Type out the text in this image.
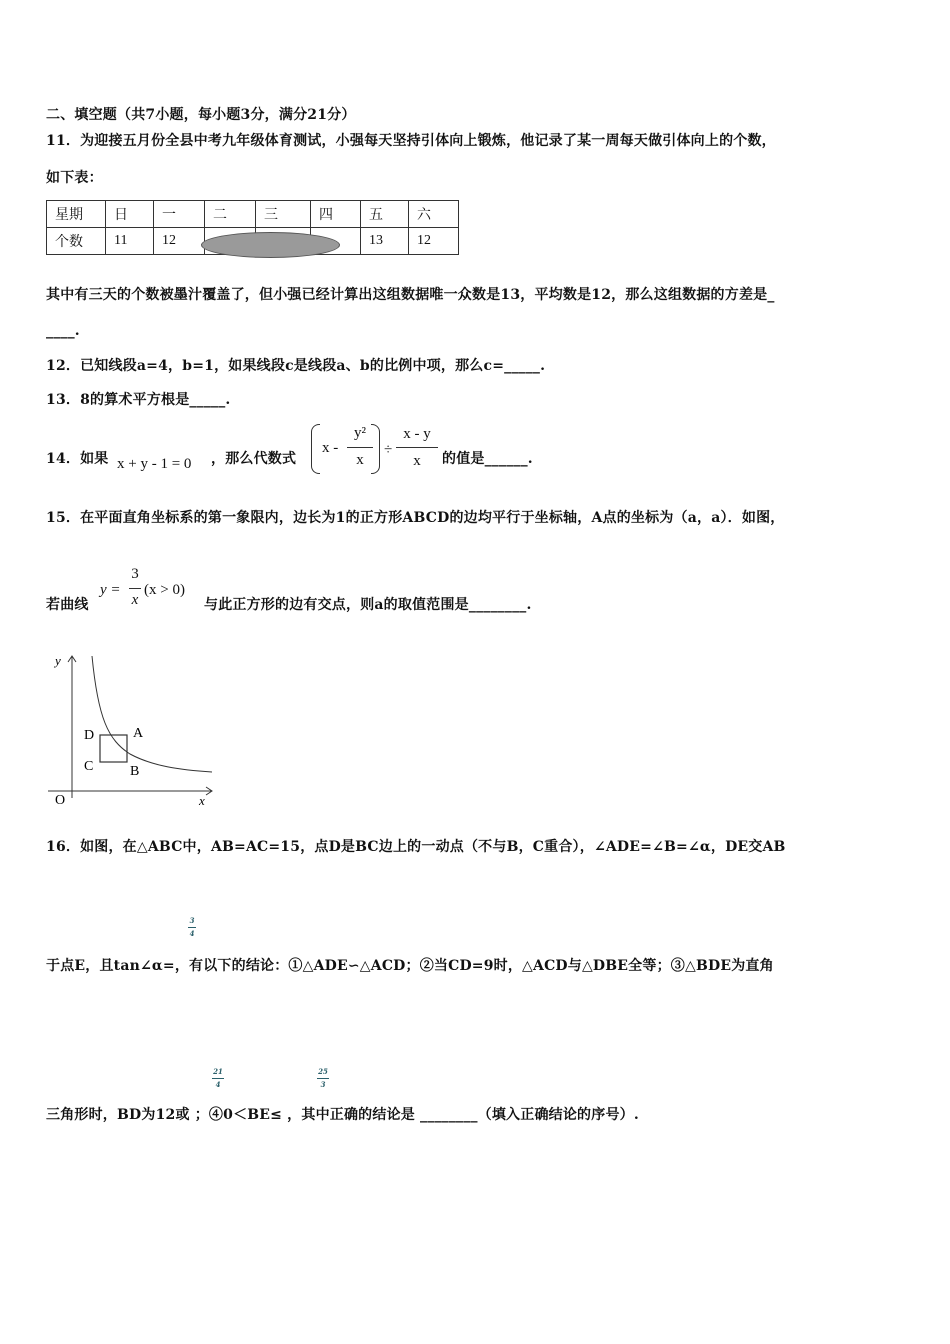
二、填空题（共7小题，每小题3分，满分21分）
11．为迎接五月份全县中考九年级体育测试，小强每天坚持引体向上锻炼，他记录了某一周每天做引体向上的个数，
如下表：
星期	日	一	二	三	四	五	六
个数	11	12				13	12
其中有三天的个数被墨汁覆盖了，但小强已经计算出这组数据唯一众数是13，平均数是12，那么这组数据的方差是_
____.
12．已知线段a=4，b=1，如果线段c是线段a、b的比例中项，那么c=_____.
13．8的算术平方根是_____.
14．如果 x + y - 1 = 0 ，那么代数式
x -
y²
x
÷
x - y
x	的值是______.
15．在平面直角坐标系的第一象限内，边长为1的正方形ABCD的边均平行于坐标轴，A点的坐标为（a，a）．如图，
若曲线
y =
3
x
(x > 0)
与此正方形的边有交点，则a的取值范围是________.
y
x
O
D	A
C	B
16．如图，在△ABC中，AB=AC=15，点D是BC边上的一动点（不与B，C重合），∠ADE=∠B=∠α，DE交AB
3
4
于点E，且tan∠α=，有以下的结论：①△ADE∽△ACD；②当CD=9时，△ACD与△DBE全等；③△BDE为直角
21
4
25
3
三角形时，BD为12或 ；④0＜BE≤ ，其中正确的结论是 ________（填入正确结论的序号）.
